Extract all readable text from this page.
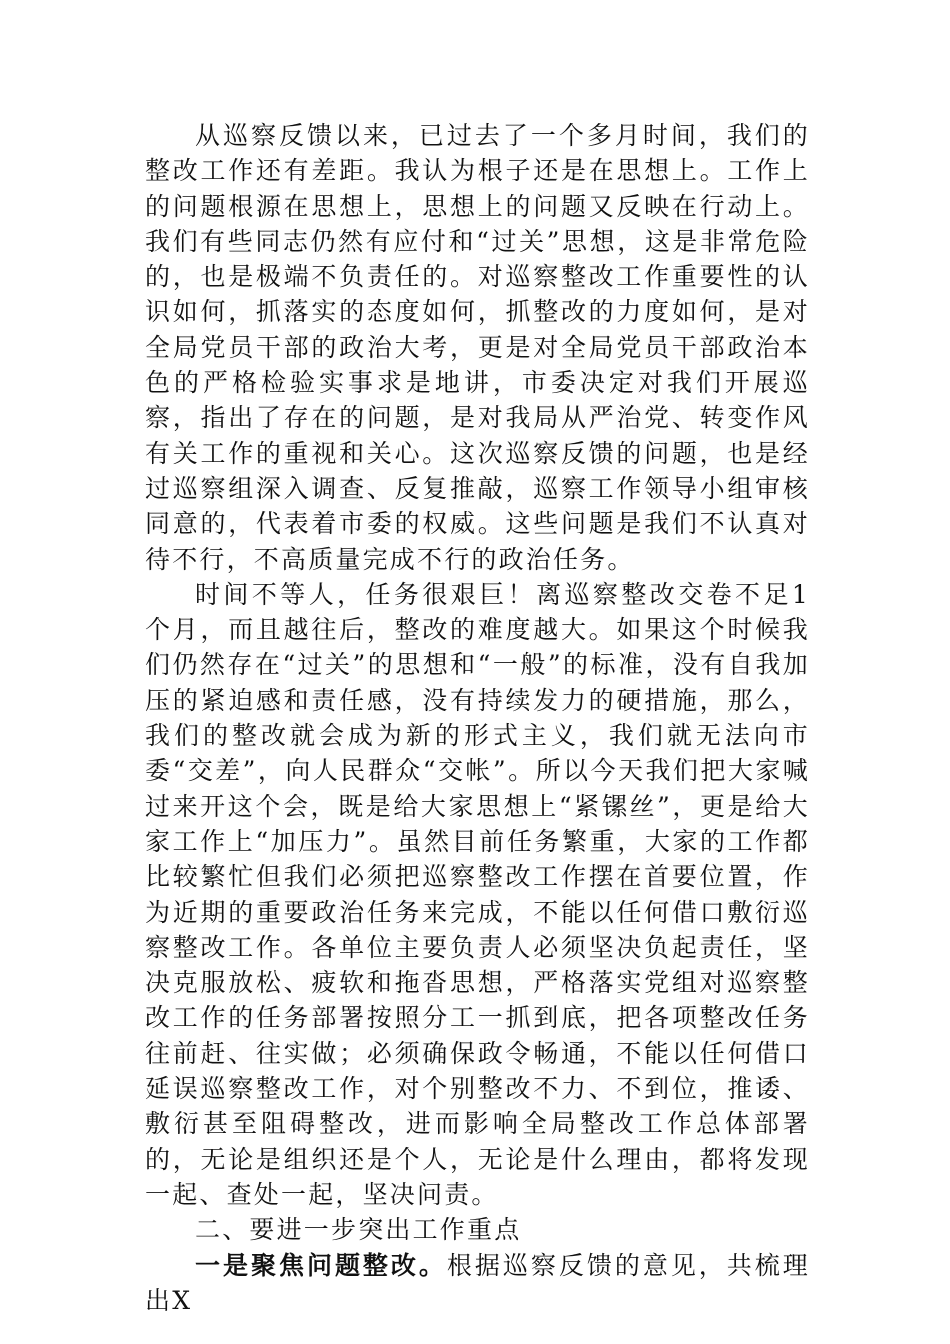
从巡察反馈以来，已过去了一个多月时间，我们的整改工作还有差距。我认为根子还是在思想上。工作上的问题根源在思想上，思想上的问题又反映在行动上。我们有些同志仍然有应付和“过关”思想，这是非常危险的，也是极端不负责任的。对巡察整改工作重要性的认识如何，抓落实的态度如何，抓整改的力度如何，是对全局党员干部的政治大考，更是对全局党员干部政治本色的严格检验实事求是地讲，市委决定对我们开展巡察，指出了存在的问题，是对我局从严治党、转变作风有关工作的重视和关心。这次巡察反馈的问题，也是经过巡察组深入调查、反复推敲，巡察工作领导小组审核同意的，代表着市委的权威。这些问题是我们不认真对待不行，不高质量完成不行的政治任务。

时间不等人，任务很艰巨！离巡察整改交卷不足1个月，而且越往后，整改的难度越大。如果这个时候我们仍然存在“过关”的思想和“一般”的标准，没有自我加压的紧迫感和责任感，没有持续发力的硬措施，那么，我们的整改就会成为新的形式主义，我们就无法向市委“交差”，向人民群众“交帐”。所以今天我们把大家喊过来开这个会，既是给大家思想上“紧镙丝”，更是给大家工作上“加压力”。虽然目前任务繁重，大家的工作都比较繁忙但我们必须把巡察整改工作摆在首要位置，作为近期的重要政治任务来完成，不能以任何借口敷衍巡察整改工作。各单位主要负责人必须坚决负起责任，坚决克服放松、疲软和拖沓思想，严格落实党组对巡察整改工作的任务部署按照分工一抓到底，把各项整改任务往前赶、往实做；必须确保政令畅通，不能以任何借口延误巡察整改工作，对个别整改不力、不到位，推诿、敷衍甚至阻碍整改，进而影响全局整改工作总体部署的，无论是组织还是个人，无论是什么理由，都将发现一起、查处一起，坚决问责。

二、要进一步突出工作重点

一是聚焦问题整改。根据巡察反馈的意见，共梳理出X
